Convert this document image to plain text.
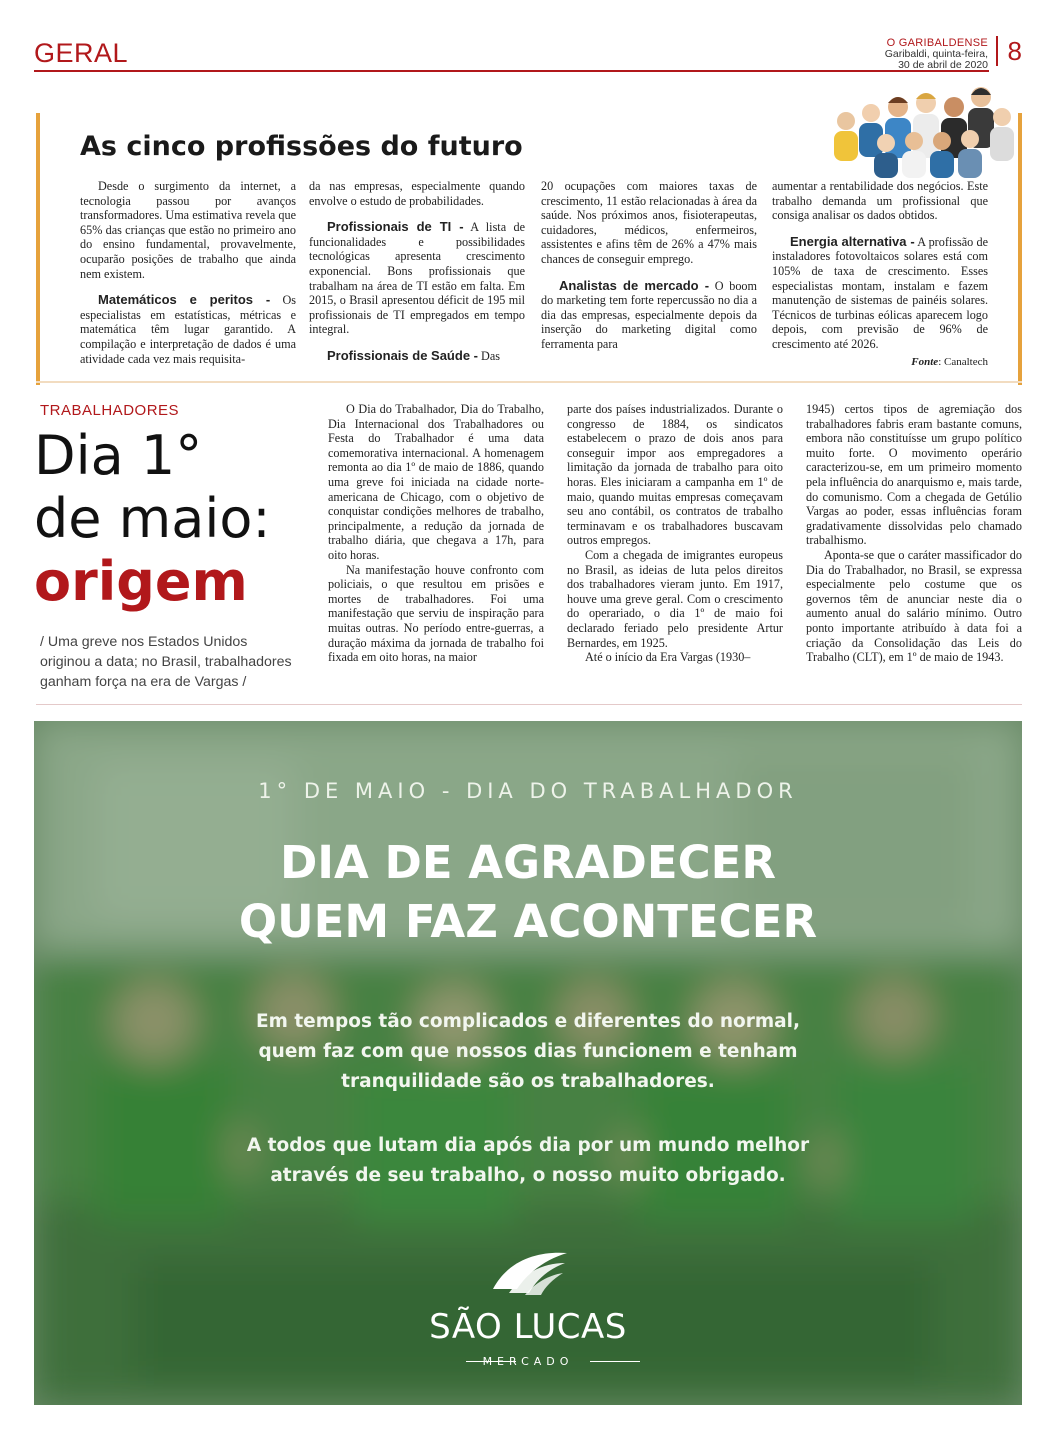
GERAL	O GARIBALDENSE
Garibaldi, quinta-feira,
30 de abril de 2020 8
As cinco profissões do futuro

Desde o surgimento da internet, a tecnologia passou por avanços transformadores. Uma estimativa revela que 65% das crianças que estão no primeiro ano do ensino fundamental, provavelmente, ocuparão posições de trabalho que ainda nem existem.

Matemáticos e peritos - Os especialistas em estatísticas, métricas e matemática têm lugar garantido. A compilação e interpretação de dados é uma atividade cada vez mais requisita-

da nas empresas, especialmente quando envolve o estudo de probabilidades.

Profissionais de TI - A lista de funcionalidades e possibilidades tecnológicas apresenta crescimento exponencial. Bons profissionais que trabalham na área de TI estão em falta. Em 2015, o Brasil apresentou déficit de 195 mil profissionais de TI empregados em tempo integral.

Profissionais de Saúde - Das

20 ocupações com maiores taxas de crescimento, 11 estão relacionadas à área da saúde. Nos próximos anos, fisioterapeutas, cuidadores, médicos, enfermeiros, assistentes e afins têm de 26% a 47% mais chances de conseguir emprego.

Analistas de mercado - O boom do marketing tem forte repercussão no dia a dia das empresas, especialmente depois da inserção do marketing digital como ferramenta para

aumentar a rentabilidade dos negócios. Este trabalho demanda um profissional que consiga analisar os dados obtidos.

Energia alternativa - A profissão de instaladores fotovoltaicos solares está com 105% de taxa de crescimento. Esses especialistas montam, instalam e fazem manutenção de sistemas de painéis solares. Técnicos de turbinas eólicas aparecem logo depois, com previsão de 96% de crescimento até 2026.

Fonte: Canaltech
TRABALHADORES
Dia 1°
de maio:
origem
/ Uma greve nos Estados Unidos originou a data; no Brasil, trabalhadores ganham força na era de Vargas /

O Dia do Trabalhador, Dia do Trabalho, Dia Internacional dos Trabalhadores ou Festa do Trabalhador é uma data comemorativa internacional. A homenagem remonta ao dia 1º de maio de 1886, quando uma greve foi iniciada na cidade norte-americana de Chicago, com o objetivo de conquistar condições melhores de trabalho, principalmente, a redução da jornada de trabalho diária, que chegava a 17h, para oito horas.

Na manifestação houve confronto com policiais, o que resultou em prisões e mortes de trabalhadores. Foi uma manifestação que serviu de inspiração para muitas outras. No período entre-guerras, a duração máxima da jornada de trabalho foi fixada em oito horas, na maior

parte dos países industrializados. Durante o congresso de 1884, os sindicatos estabelecem o prazo de dois anos para conseguir impor aos empregadores a limitação da jornada de trabalho para oito horas. Eles iniciaram a campanha em 1º de maio, quando muitas empresas começavam seu ano contábil, os contratos de trabalho terminavam e os trabalhadores buscavam outros empregos.

Com a chegada de imigrantes europeus no Brasil, as ideias de luta pelos direitos dos trabalhadores vieram junto. Em 1917, houve uma greve geral. Com o crescimento do operariado, o dia 1º de maio foi declarado feriado pelo presidente Artur Bernardes, em 1925.

Até o início da Era Vargas (1930–

1945) certos tipos de agremiação dos trabalhadores fabris eram bastante comuns, embora não constituísse um grupo político muito forte. O movimento operário caracterizou-se, em um primeiro momento pela influência do anarquismo e, mais tarde, do comunismo. Com a chegada de Getúlio Vargas ao poder, essas influências foram gradativamente dissolvidas pelo chamado trabalhismo.

Aponta-se que o caráter massificador do Dia do Trabalhador, no Brasil, se expressa especialmente pelo costume que os governos têm de anunciar neste dia o aumento anual do salário mínimo. Outro ponto importante atribuído à data foi a criação da Consolidação das Leis do Trabalho (CLT), em 1º de maio de 1943.

1° DE MAIO - DIA DO TRABALHADOR
DIA DE AGRADECER
QUEM FAZ ACONTECER
Em tempos tão complicados e diferentes do normal,
quem faz com que nossos dias funcionem e tenham
tranquilidade são os trabalhadores.
A todos que lutam dia após dia por um mundo melhor
através de seu trabalho, o nosso muito obrigado.
SÃO LUCAS
MERCADO
